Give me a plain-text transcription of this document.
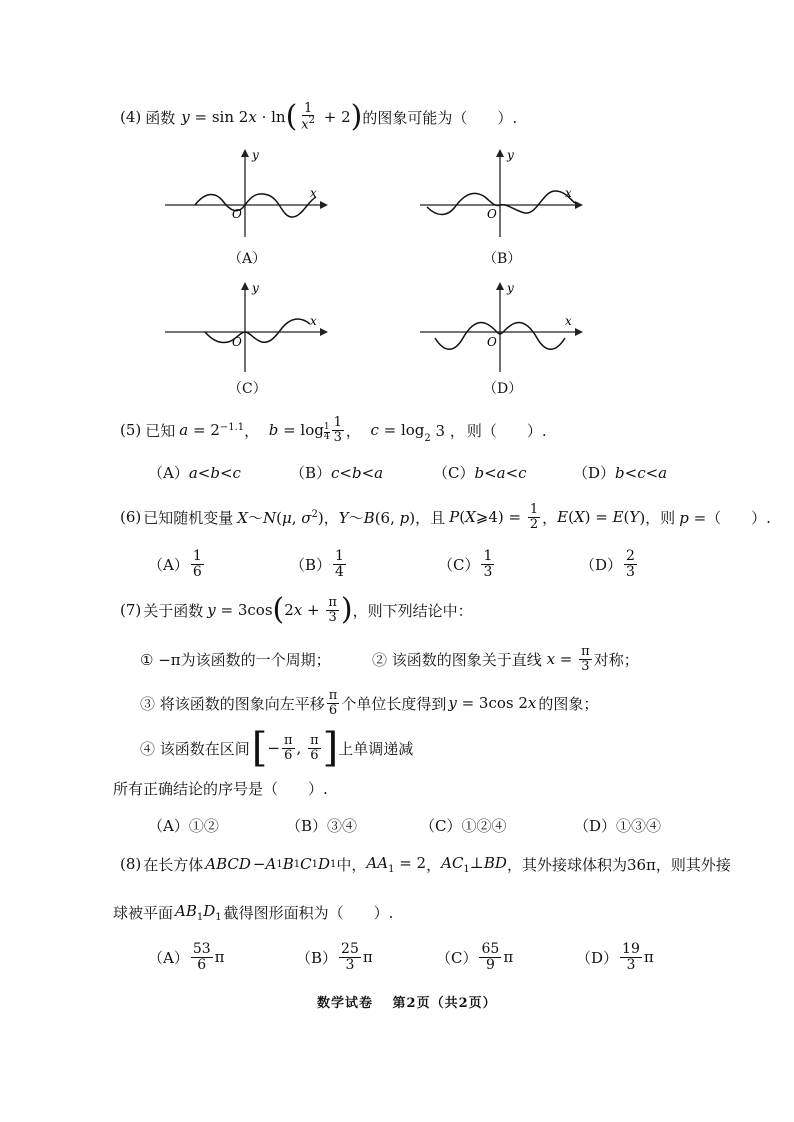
(4) 函数 y = sin 2 x · ln ( $\frac{1}{x^2} + 2$ ) 的图象可能为（　　）.
x
y
O
（A）
x
y
O
（B）
x
y
O
（C）
x
y
O
（D）
(5) 已知 a = 2 −1.1 ， b = log 1
$4 \frac{1}{3}$ ， $c = \log_2 3$ ， 则（　　）.
（A）a<b<c	（B）c<b<a	（C）b<a<c	（D）b<c<a
(6) 已知随机变量 X～N(μ, $\sigma^2$)，Y～B(6, p)， 且 P ( X ⩾4) = $\frac{1}{2}$ ， E ( X ) = E ( Y )， 则 p =（　　）.
$(A) \frac{1}{6}$	$(B) \frac{1}{4}$	$(C) \frac{1}{3}$	$(D) \frac{2}{3}$
(7) 关于函数 y = 3cos ( 2 $x + \frac{\pi}{3}$ ) ，则下列结论中：
① −π为该函数的一个周期；	② 该函数的图象关于直线
$x = \frac{\pi}{3}$ 对称；
③ 将该函数的图象向左平移 $\frac{\pi}{6}$ 个单位长度得到 y = 3cos 2x 的图象；
④ 该函数在区间 [ − $\frac{\pi}{6}$ , $\frac{\pi}{6}$ ] 上单调递减
所有正确结论的序号是（　　）.
（A）①②	（B）③④	（C）①②④	（D）①③④
(8) 在长方体 ABCD − A 1 B 1 C 1 D 1 中， $AA_1 = 2$ ， $AC_1\perp BD$ ，其外接球体积为36π，则其外接
球被平面 $AB_1D_1$ 截得图形面积为（　　）.
$(A) \frac{53}{6}$ π	$(B) \frac{25}{3}$ π	$(C) \frac{65}{9}$ π	$(D) \frac{19}{3}$ π
数学试卷　 第2页（共2页）
